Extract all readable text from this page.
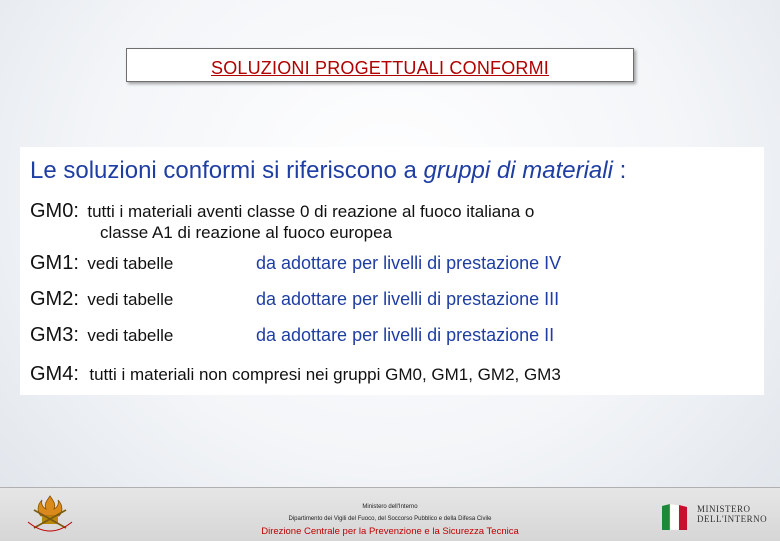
SOLUZIONI PROGETTUALI CONFORMI
Le soluzioni conformi si riferiscono a gruppi di materiali :
GM0: tutti i materiali aventi classe 0 di reazione al fuoco italiana o
classe A1 di reazione al fuoco europea
GM1: vedi tabelle	da adottare per livelli di prestazione IV
GM2: vedi tabelle	da adottare per livelli di prestazione III
GM3: vedi tabelle	da adottare per livelli di prestazione II
GM4: tutti i materiali non compresi nei gruppi GM0, GM1, GM2, GM3
Ministero dell'Interno
Dipartimento dei Vigili del Fuoco, del Soccorso Pubblico e della Difesa Civile
Direzione Centrale per la Prevenzione e la Sicurezza Tecnica
MINISTERO
DELL'INTERNO
